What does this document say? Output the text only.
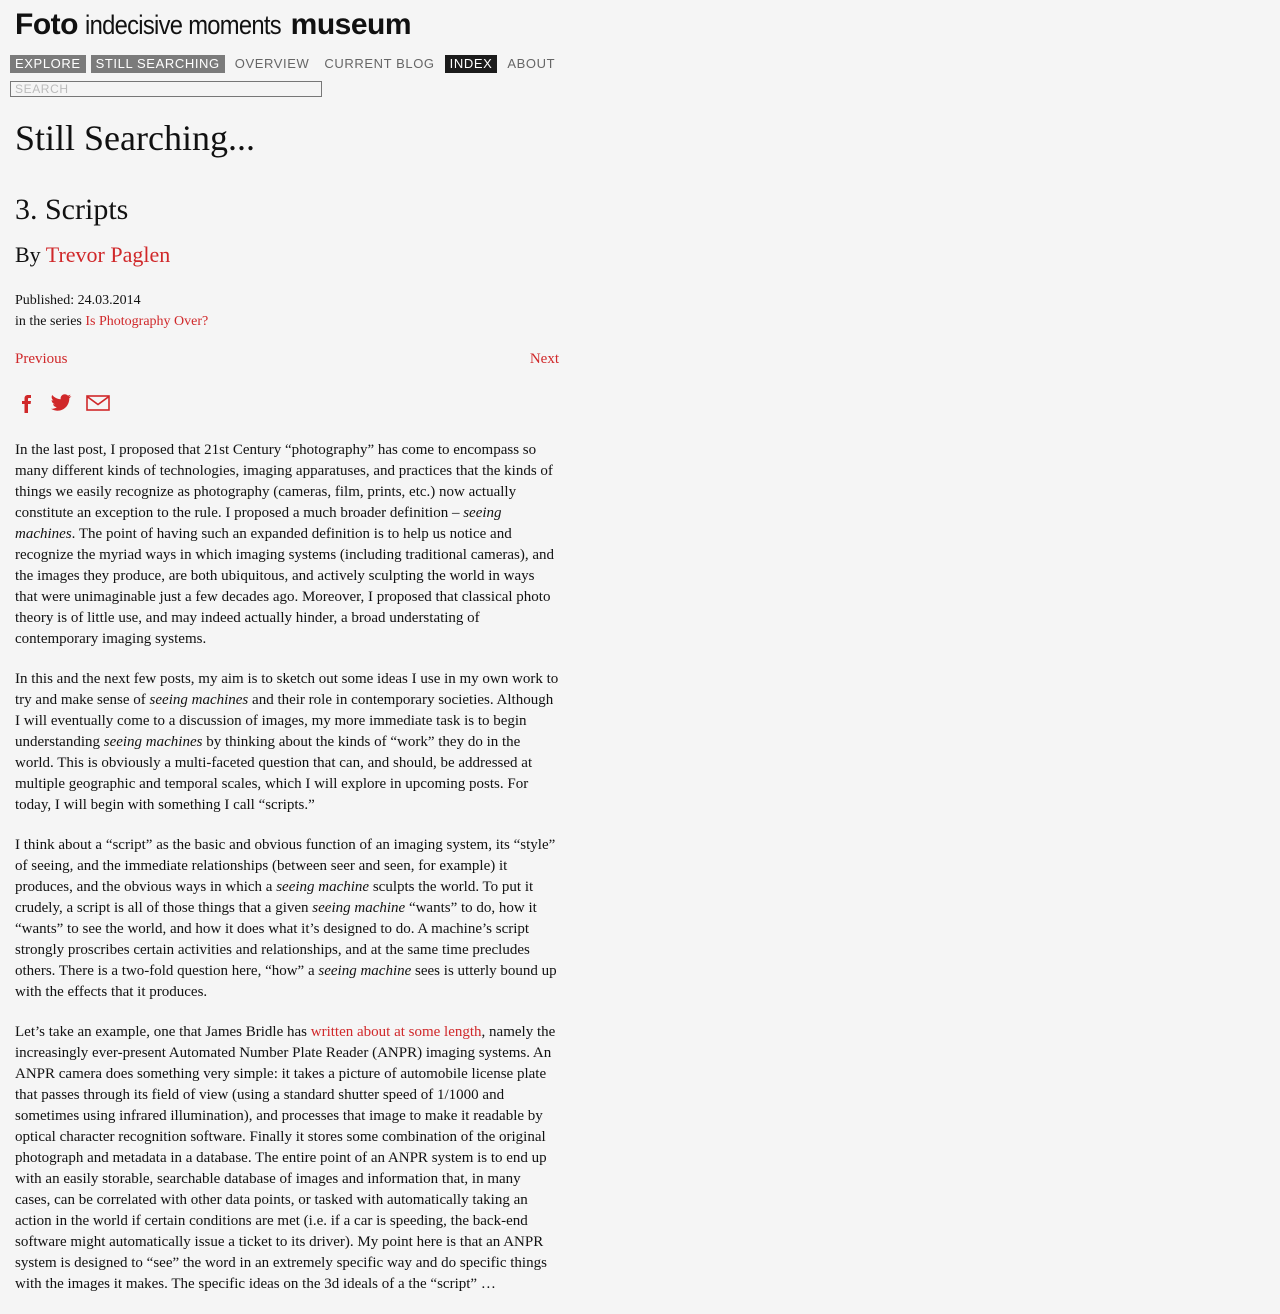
Foto indecisive moments museum
EXPLORE	STILL SEARCHING	OVERVIEW	CURRENT BLOG	INDEX	ABOUT
SEARCH
Still Searching...
3. Scripts
By Trevor Paglen
Published: 24.03.2014
in the series Is Photography Over?
Previous	Next

In the last post, I proposed that 21st Century “photography” has come to encompass so many different kinds of technologies, imaging apparatuses, and practices that the kinds of things we easily recognize as photography (cameras, film, prints, etc.) now actually constitute an exception to the rule. I proposed a much broader definition – seeing machines. The point of having such an expanded definition is to help us notice and recognize the myriad ways in which imaging systems (including traditional cameras), and the images they produce, are both ubiquitous, and actively sculpting the world in ways that were unimaginable just a few decades ago. Moreover, I proposed that classical photo theory is of little use, and may indeed actually hinder, a broad understating of contemporary imaging systems.

In this and the next few posts, my aim is to sketch out some ideas I use in my own work to try and make sense of seeing machines and their role in contemporary societies. Although I will eventually come to a discussion of images, my more immediate task is to begin understanding seeing machines by thinking about the kinds of “work” they do in the world. This is obviously a multi-faceted question that can, and should, be addressed at multiple geographic and temporal scales, which I will explore in upcoming posts. For today, I will begin with something I call “scripts.”

I think about a “script” as the basic and obvious function of an imaging system, its “style” of seeing, and the immediate relationships (between seer and seen, for example) it produces, and the obvious ways in which a seeing machine sculpts the world. To put it crudely, a script is all of those things that a given seeing machine “wants” to do, how it “wants” to see the world, and how it does what it’s designed to do. A machine’s script strongly proscribes certain activities and relationships, and at the same time precludes others. There is a two-fold question here, “how” a seeing machine sees is utterly bound up with the effects that it produces.

Let’s take an example, one that James Bridle has written about at some length, namely the increasingly ever-present Automated Number Plate Reader (ANPR) imaging systems. An ANPR camera does something very simple: it takes a picture of automobile license plate that passes through its field of view (using a standard shutter speed of 1/1000 and sometimes using infrared illumination), and processes that image to make it readable by optical character recognition software. Finally it stores some combination of the original photograph and metadata in a database. The entire point of an ANPR system is to end up with an easily storable, searchable database of images and information that, in many cases, can be correlated with other data points, or tasked with automatically taking an action in the world if certain conditions are met (i.e. if a car is speeding, the back-end software might automatically issue a ticket to its driver). My point here is that an ANPR system is designed to “see” the word in an extremely specific way and do specific things with the images it makes. The specific ideas on the 3d ideals of a the “script” …
